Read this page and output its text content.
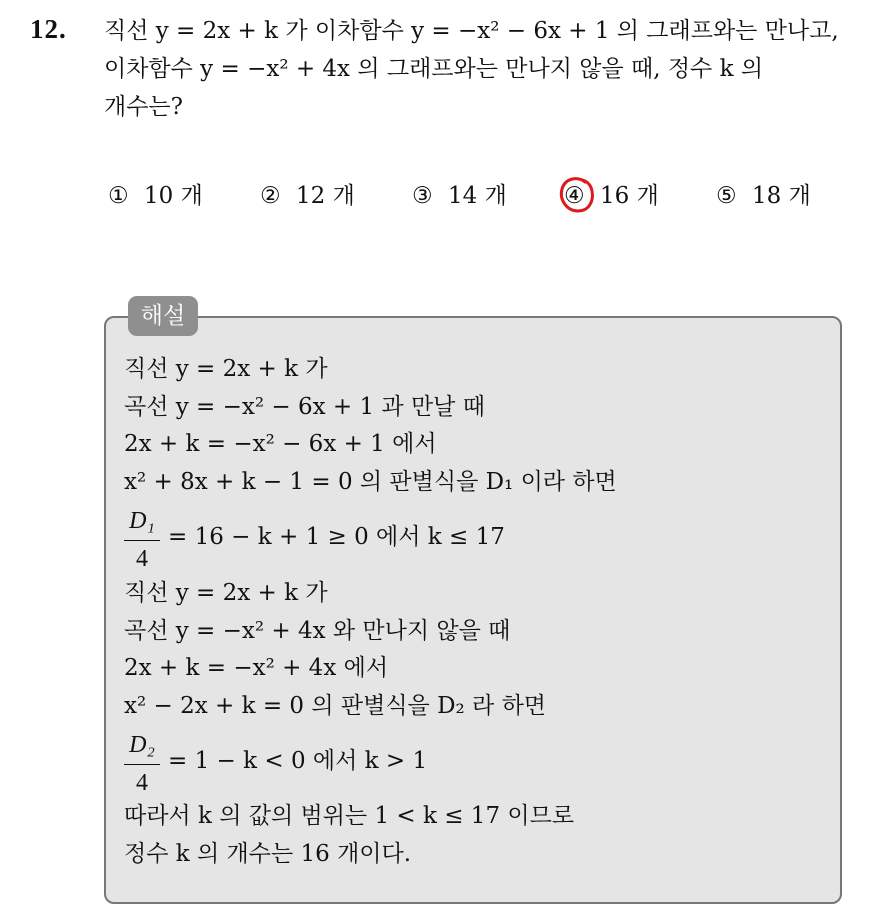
12. 직선 y = 2x + k 가 이차함수 y = −x² − 6x + 1 의 그래프와는 만나고,
이차함수 y = −x² + 4x 의 그래프와는 만나지 않을 때, 정수 k 의
개수는?
① 10 개 ② 12 개 ③ 14 개 ④ 16 개 ⑤ 18 개
해설
직선 y = 2x + k 가
곡선 y = −x² − 6x + 1 과 만날 때
2x + k = −x² − 6x + 1 에서
x² + 8x + k − 1 = 0 의 판별식을 D₁ 이라 하면
D₁
4
= 16 − k + 1 ≥ 0 에서 k ≤ 17
직선 y = 2x + k 가
곡선 y = −x² + 4x 와 만나지 않을 때
2x + k = −x² + 4x 에서
x² − 2x + k = 0 의 판별식을 D₂ 라 하면
D₂
4
= 1 − k < 0 에서 k > 1
따라서 k 의 값의 범위는 1 < k ≤ 17 이므로
정수 k 의 개수는 16 개이다.
